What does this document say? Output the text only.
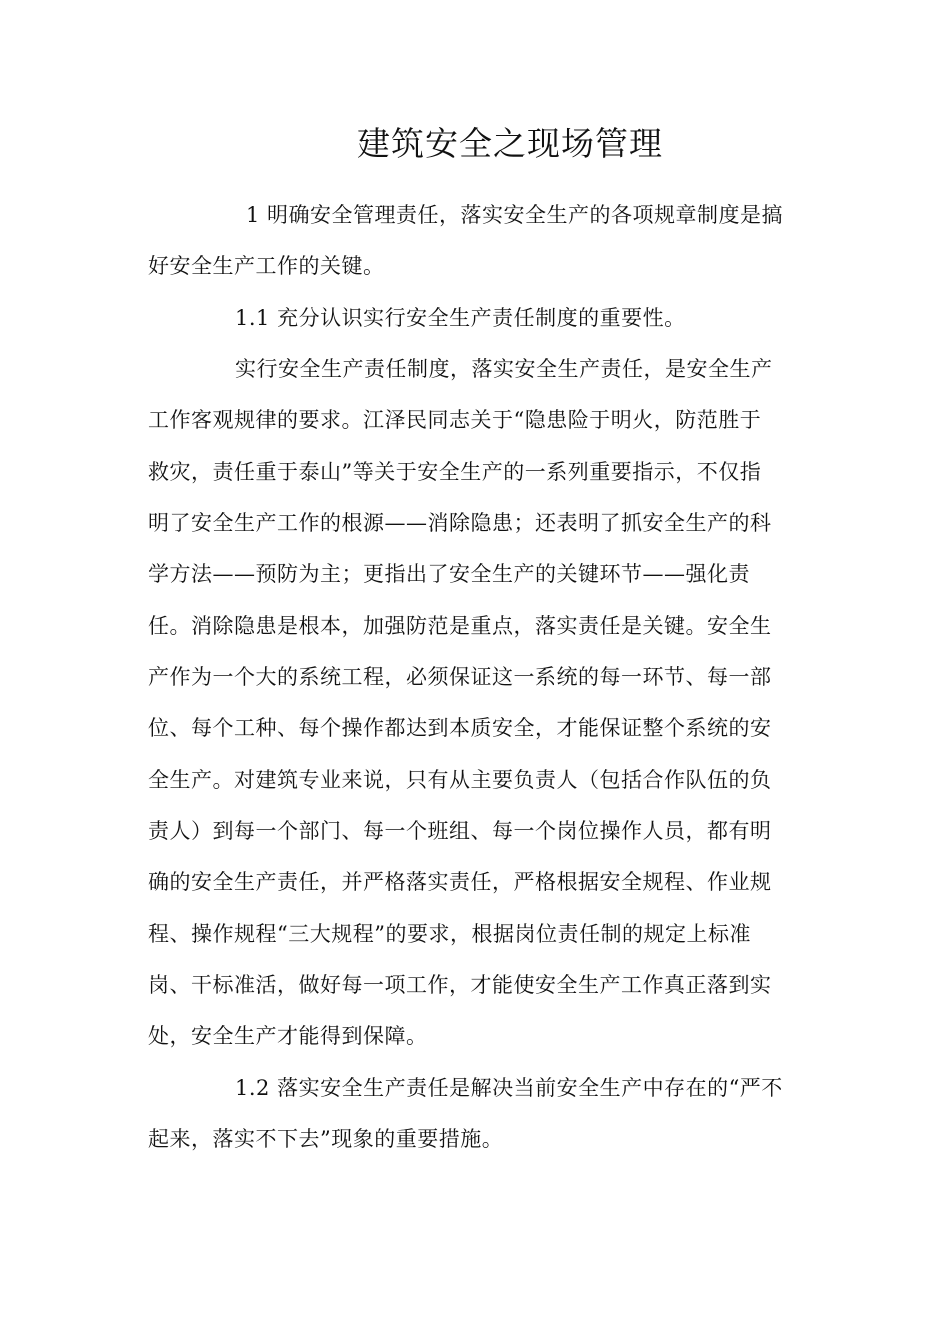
建筑安全之现场管理
1 明确安全管理责任，落实安全生产的各项规章制度是搞
好安全生产工作的关键。
1.1 充分认识实行安全生产责任制度的重要性。
实行安全生产责任制度，落实安全生产责任，是安全生产
工作客观规律的要求。江泽民同志关于“隐患险于明火，防范胜于
救灾，责任重于泰山”等关于安全生产的一系列重要指示，不仅指
明了安全生产工作的根源——消除隐患；还表明了抓安全生产的科
学方法——预防为主；更指出了安全生产的关键环节——强化责
任。消除隐患是根本，加强防范是重点，落实责任是关键。安全生
产作为一个大的系统工程，必须保证这一系统的每一环节、每一部
位、每个工种、每个操作都达到本质安全，才能保证整个系统的安
全生产。对建筑专业来说，只有从主要负责人（包括合作队伍的负
责人）到每一个部门、每一个班组、每一个岗位操作人员，都有明
确的安全生产责任，并严格落实责任，严格根据安全规程、作业规
程、操作规程“三大规程”的要求，根据岗位责任制的规定上标准
岗、干标准活，做好每一项工作，才能使安全生产工作真正落到实
处，安全生产才能得到保障。
1.2 落实安全生产责任是解决当前安全生产中存在的“严不
起来，落实不下去”现象的重要措施。
